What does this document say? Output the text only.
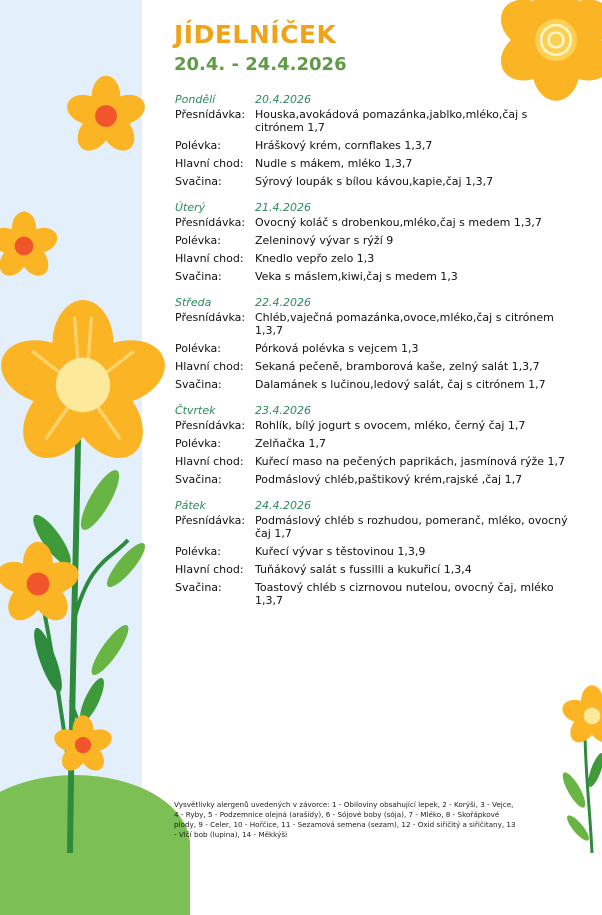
JÍDELNÍČEK
20.4. - 24.4.2026
Pondělí	20.4.2026
Přesnídávka: Houska,avokádová pomazánka,jablko,mléko,čaj s citrónem 1,7
Polévka:	Hráškový krém, cornflakes 1,3,7
Hlavní chod:	Nudle s mákem, mléko 1,3,7
Svačina:	Sýrový loupák s bílou kávou,kapie,čaj 1,3,7
Úterý	21.4.2026
Přesnídávka: Ovocný koláč s drobenkou,mléko,čaj s medem 1,3,7
Polévka:	Zeleninový vývar s rýží 9
Hlavní chod:	Knedlo vepřo zelo 1,3
Svačina:	Veka s máslem,kiwi,čaj s medem 1,3
Středa	22.4.2026
Přesnídávka: Chléb,vaječná pomazánka,ovoce,mléko,čaj s citrónem 1,3,7
Polévka:	Pórková polévka s vejcem 1,3
Hlavní chod:	Sekaná pečeně, bramborová kaše, zelný salát 1,3,7
Svačina:	Dalamánek s lučinou,ledový salát, čaj s citrónem 1,7
Čtvrtek	23.4.2026
Přesnídávka: Rohlík, bílý jogurt s ovocem, mléko, černý čaj 1,7
Polévka:	Zelňačka 1,7
Hlavní chod:	Kuřecí maso na pečených paprikách, jasmínová rýže 1,7
Svačina:	Podmáslový chléb,paštikový krém,rajské ,čaj 1,7
Pátek	24.4.2026
Přesnídávka: Podmáslový chléb s rozhudou, pomeranč, mléko, ovocný čaj 1,7
Polévka:	Kuřecí vývar s těstovinou 1,3,9
Hlavní chod:	Tuňákový salát s fussilli a kukuřicí 1,3,4
Svačina:	Toastový chléb s cizrnovou nutelou, ovocný čaj, mléko 1,3,7
Vysvětlivky alergenů uvedených v závorce: 1 - Obiloviny obsahující lepek, 2 - Korýši, 3 - Vejce, 4 - Ryby, 5 - Podzemnice olejná (arašídy), 6 - Sójové boby (sója), 7 - Mléko, 8 - Skořápkové plody, 9 - Celer, 10 - Hořčice, 11 - Sezamová semena (sezam), 12 - Oxid siřičitý a siřičitany, 13 - Vlčí bob (lupina), 14 - Měkkýši
